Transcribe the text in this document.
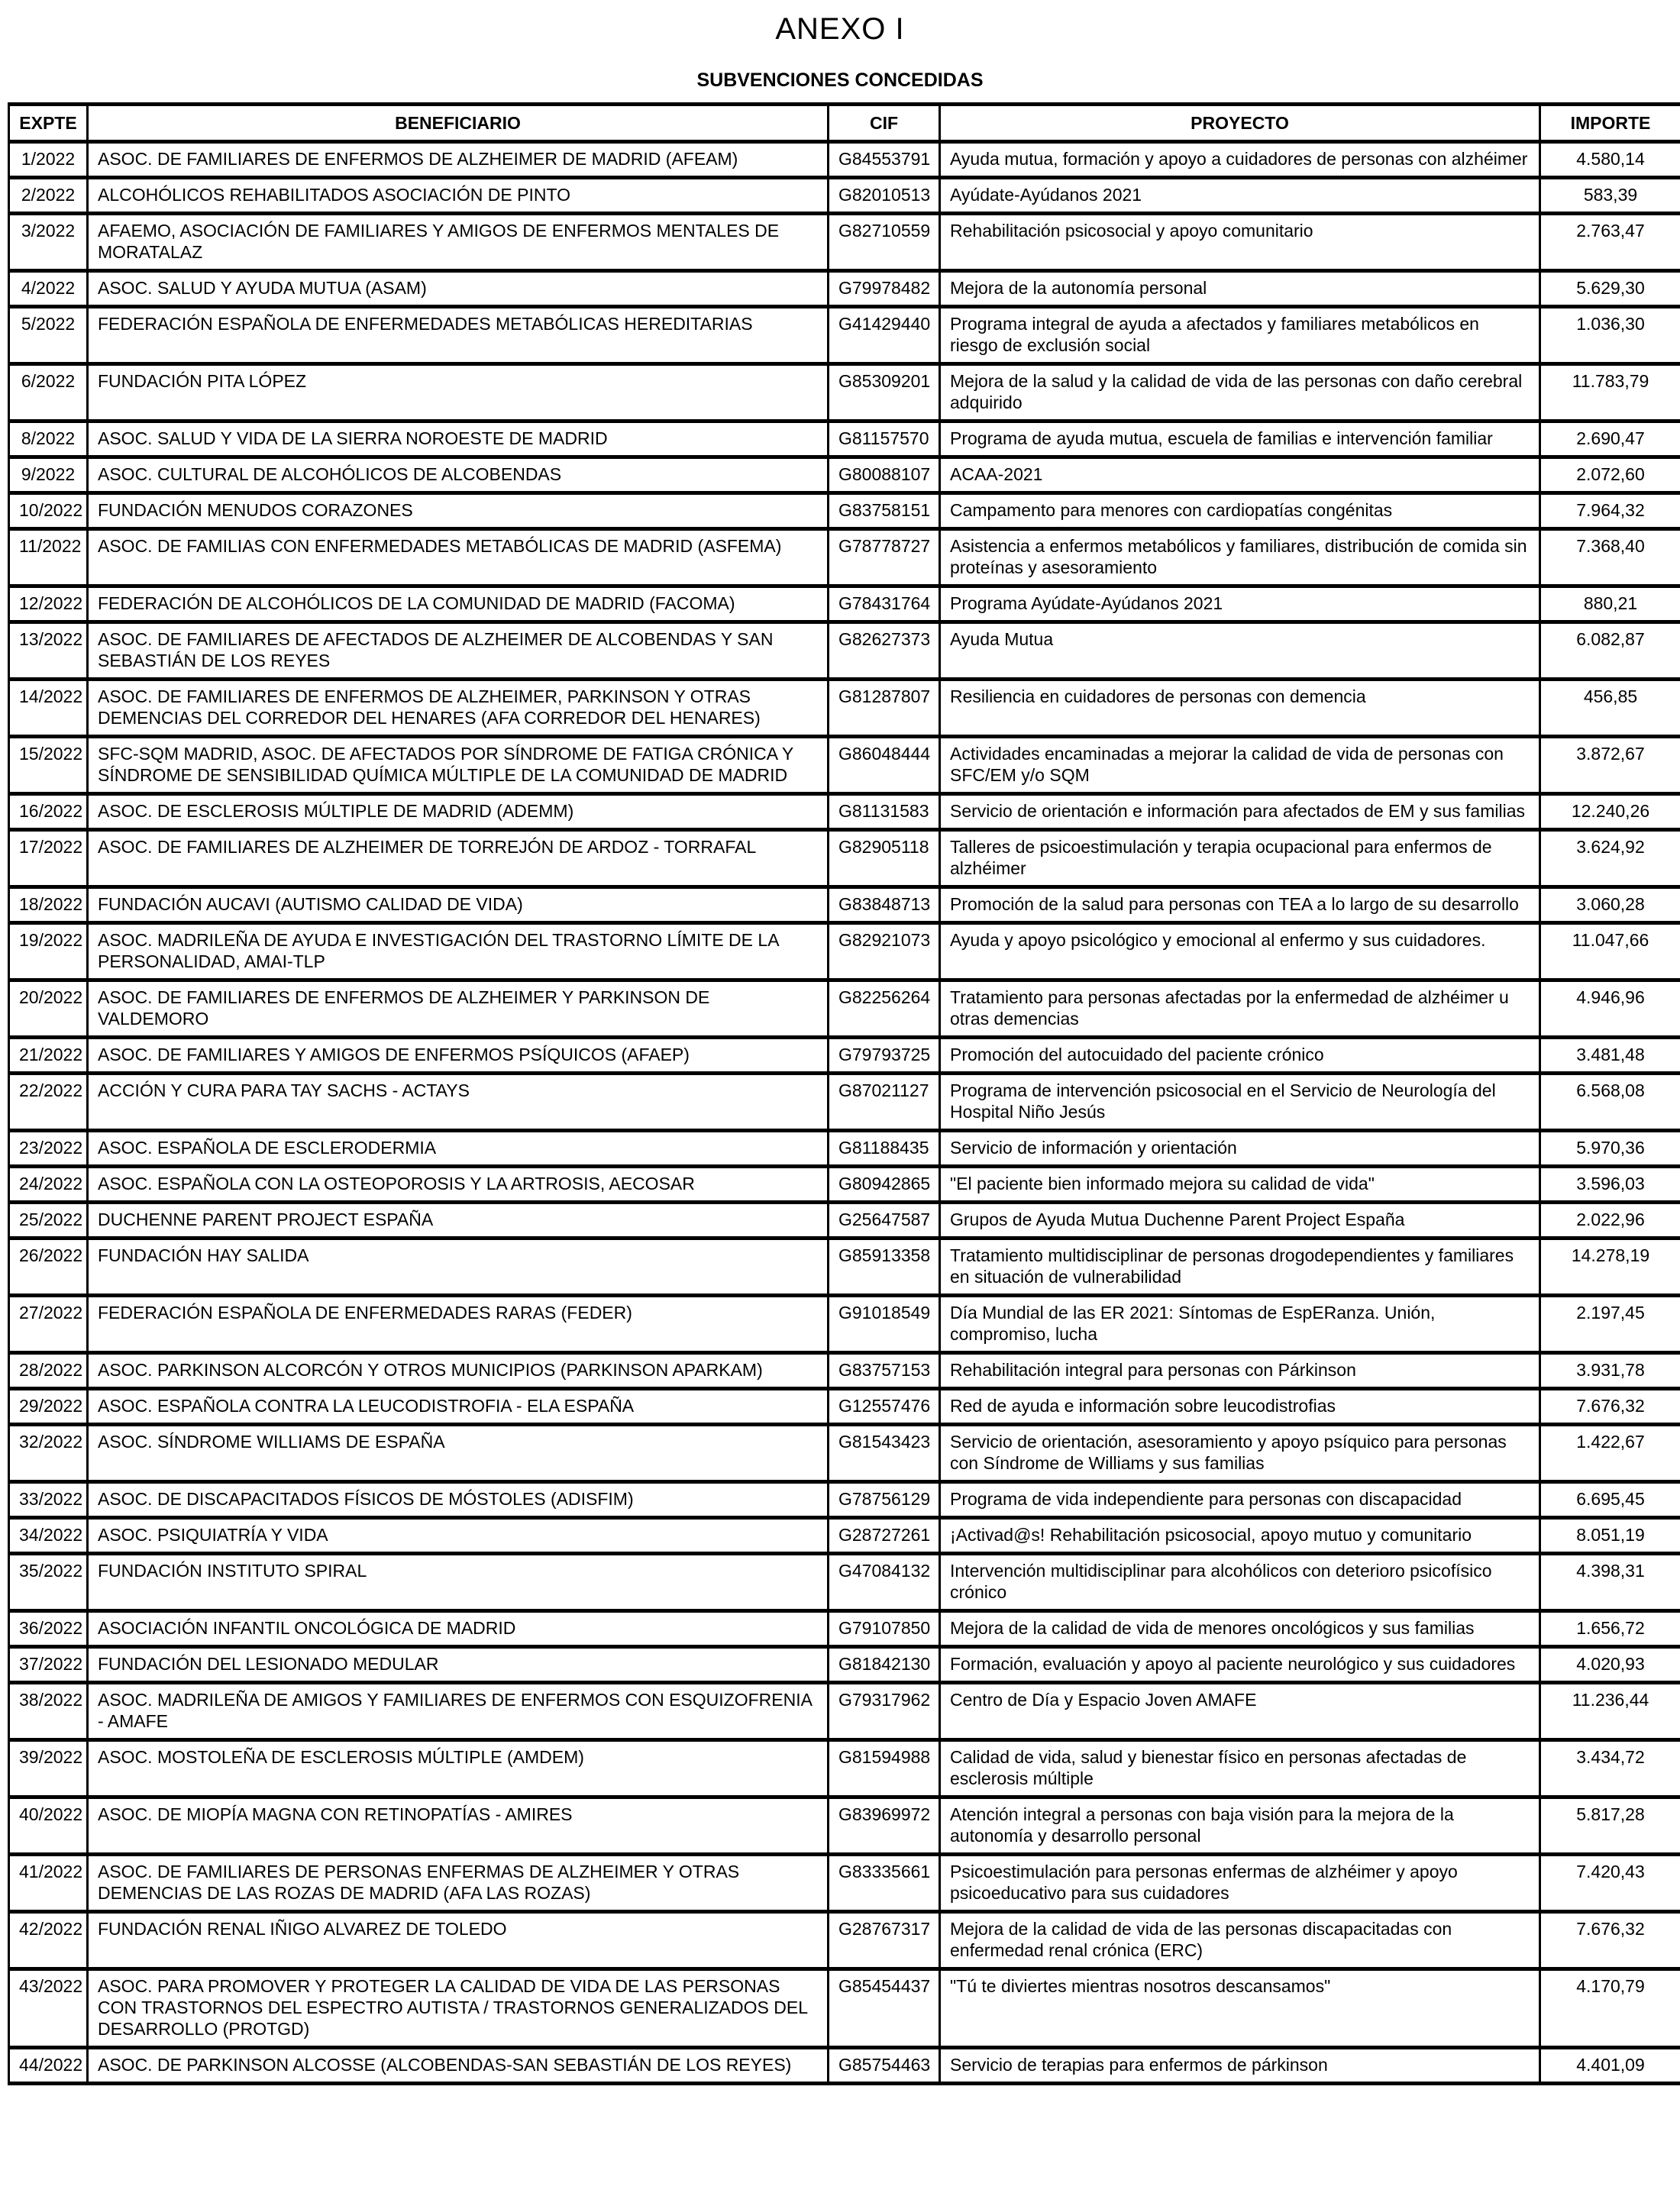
ANEXO I
SUBVENCIONES CONCEDIDAS
EXPTE	BENEFICIARIO	CIF	PROYECTO	IMPORTE
1/2022	ASOC. DE FAMILIARES DE ENFERMOS DE ALZHEIMER DE MADRID (AFEAM)	G84553791	Ayuda mutua, formación y apoyo a cuidadores de personas con alzhéimer	4.580,14
2/2022	ALCOHÓLICOS REHABILITADOS ASOCIACIÓN DE PINTO	G82010513	Ayúdate-Ayúdanos 2021	583,39
3/2022	AFAEMO, ASOCIACIÓN DE FAMILIARES Y AMIGOS DE ENFERMOS MENTALES DE MORATALAZ	G82710559	Rehabilitación psicosocial y apoyo comunitario	2.763,47
4/2022	ASOC. SALUD Y AYUDA MUTUA (ASAM)	G79978482	Mejora de la autonomía personal	5.629,30
5/2022	FEDERACIÓN ESPAÑOLA DE ENFERMEDADES METABÓLICAS HEREDITARIAS	G41429440	Programa integral de ayuda a afectados y familiares metabólicos en riesgo de exclusión social	1.036,30
6/2022	FUNDACIÓN PITA LÓPEZ	G85309201	Mejora de la salud y la calidad de vida de las personas con daño cerebral adquirido	11.783,79
8/2022	ASOC. SALUD Y VIDA DE LA SIERRA NOROESTE DE MADRID	G81157570	Programa de ayuda mutua, escuela de familias e intervención familiar	2.690,47
9/2022	ASOC. CULTURAL DE ALCOHÓLICOS DE ALCOBENDAS	G80088107	ACAA-2021	2.072,60
10/2022	FUNDACIÓN MENUDOS CORAZONES	G83758151	Campamento para menores con cardiopatías congénitas	7.964,32
11/2022	ASOC. DE FAMILIAS CON ENFERMEDADES METABÓLICAS DE MADRID (ASFEMA)	G78778727	Asistencia a enfermos metabólicos y familiares, distribución de comida sin proteínas y asesoramiento	7.368,40
12/2022	FEDERACIÓN DE ALCOHÓLICOS DE LA COMUNIDAD DE MADRID (FACOMA)	G78431764	Programa Ayúdate-Ayúdanos 2021	880,21
13/2022	ASOC. DE FAMILIARES DE AFECTADOS DE ALZHEIMER DE ALCOBENDAS Y SAN SEBASTIÁN DE LOS REYES	G82627373	Ayuda Mutua	6.082,87
14/2022	ASOC. DE FAMILIARES DE ENFERMOS DE ALZHEIMER, PARKINSON Y OTRAS DEMENCIAS DEL CORREDOR DEL HENARES (AFA CORREDOR DEL HENARES)	G81287807	Resiliencia en cuidadores de personas con demencia	456,85
15/2022	SFC-SQM MADRID, ASOC. DE AFECTADOS POR SÍNDROME DE FATIGA CRÓNICA Y SÍNDROME DE SENSIBILIDAD QUÍMICA MÚLTIPLE DE LA COMUNIDAD DE MADRID	G86048444	Actividades encaminadas a mejorar la calidad de vida de personas con SFC/EM y/o SQM	3.872,67
16/2022	ASOC. DE ESCLEROSIS MÚLTIPLE DE MADRID (ADEMM)	G81131583	Servicio de orientación e información para afectados de EM y sus familias	12.240,26
17/2022	ASOC. DE FAMILIARES DE ALZHEIMER DE TORREJÓN DE ARDOZ - TORRAFAL	G82905118	Talleres de psicoestimulación y terapia ocupacional para enfermos de alzhéimer	3.624,92
18/2022	FUNDACIÓN AUCAVI (AUTISMO CALIDAD DE VIDA)	G83848713	Promoción de la salud para personas con TEA a lo largo de su desarrollo	3.060,28
19/2022	ASOC. MADRILEÑA DE AYUDA E INVESTIGACIÓN DEL TRASTORNO LÍMITE DE LA PERSONALIDAD, AMAI-TLP	G82921073	Ayuda y apoyo psicológico y emocional al enfermo y sus cuidadores.	11.047,66
20/2022	ASOC. DE FAMILIARES DE ENFERMOS DE ALZHEIMER Y PARKINSON DE VALDEMORO	G82256264	Tratamiento para personas afectadas por la enfermedad de alzhéimer u otras demencias	4.946,96
21/2022	ASOC. DE FAMILIARES Y AMIGOS DE ENFERMOS PSÍQUICOS (AFAEP)	G79793725	Promoción del autocuidado del paciente crónico	3.481,48
22/2022	ACCIÓN Y CURA PARA TAY SACHS - ACTAYS	G87021127	Programa de intervención psicosocial en el Servicio de Neurología del Hospital Niño Jesús	6.568,08
23/2022	ASOC. ESPAÑOLA DE ESCLERODERMIA	G81188435	Servicio de información y orientación	5.970,36
24/2022	ASOC. ESPAÑOLA CON LA OSTEOPOROSIS Y LA ARTROSIS, AECOSAR	G80942865	"El paciente bien informado mejora su calidad de vida"	3.596,03
25/2022	DUCHENNE PARENT PROJECT ESPAÑA	G25647587	Grupos de Ayuda Mutua Duchenne Parent Project España	2.022,96
26/2022	FUNDACIÓN HAY SALIDA	G85913358	Tratamiento multidisciplinar de personas drogodependientes y familiares en situación de vulnerabilidad	14.278,19
27/2022	FEDERACIÓN ESPAÑOLA DE ENFERMEDADES RARAS (FEDER)	G91018549	Día Mundial de las ER 2021: Síntomas de EspERanza. Unión, compromiso, lucha	2.197,45
28/2022	ASOC. PARKINSON ALCORCÓN Y OTROS MUNICIPIOS (PARKINSON APARKAM)	G83757153	Rehabilitación integral para personas con Párkinson	3.931,78
29/2022	ASOC. ESPAÑOLA CONTRA LA LEUCODISTROFIA - ELA ESPAÑA	G12557476	Red de ayuda e información sobre leucodistrofias	7.676,32
32/2022	ASOC. SÍNDROME WILLIAMS DE ESPAÑA	G81543423	Servicio de orientación, asesoramiento y apoyo psíquico para personas con Síndrome de Williams y sus familias	1.422,67
33/2022	ASOC. DE DISCAPACITADOS FÍSICOS DE MÓSTOLES (ADISFIM)	G78756129	Programa de vida independiente para personas con discapacidad	6.695,45
34/2022	ASOC. PSIQUIATRÍA Y VIDA	G28727261	¡Activad@s! Rehabilitación psicosocial, apoyo mutuo y comunitario	8.051,19
35/2022	FUNDACIÓN INSTITUTO SPIRAL	G47084132	Intervención multidisciplinar para alcohólicos con deterioro psicofísico crónico	4.398,31
36/2022	ASOCIACIÓN INFANTIL ONCOLÓGICA DE MADRID	G79107850	Mejora de la calidad de vida de menores oncológicos y sus familias	1.656,72
37/2022	FUNDACIÓN DEL LESIONADO MEDULAR	G81842130	Formación, evaluación y apoyo al paciente neurológico y sus cuidadores	4.020,93
38/2022	ASOC. MADRILEÑA DE AMIGOS Y FAMILIARES DE ENFERMOS CON ESQUIZOFRENIA - AMAFE	G79317962	Centro de Día y Espacio Joven AMAFE	11.236,44
39/2022	ASOC. MOSTOLEÑA DE ESCLEROSIS MÚLTIPLE (AMDEM)	G81594988	Calidad de vida, salud y bienestar físico en personas afectadas de esclerosis múltiple	3.434,72
40/2022	ASOC. DE MIOPÍA MAGNA CON RETINOPATÍAS - AMIRES	G83969972	Atención integral a personas con baja visión para la mejora de la autonomía y desarrollo personal	5.817,28
41/2022	ASOC. DE FAMILIARES DE PERSONAS ENFERMAS DE ALZHEIMER Y OTRAS DEMENCIAS DE LAS ROZAS DE MADRID (AFA LAS ROZAS)	G83335661	Psicoestimulación para personas enfermas de alzhéimer y apoyo psicoeducativo para sus cuidadores	7.420,43
42/2022	FUNDACIÓN RENAL IÑIGO ALVAREZ DE TOLEDO	G28767317	Mejora de la calidad de vida de las personas discapacitadas con enfermedad renal crónica (ERC)	7.676,32
43/2022	ASOC. PARA PROMOVER Y PROTEGER LA CALIDAD DE VIDA DE LAS PERSONAS CON TRASTORNOS DEL ESPECTRO AUTISTA / TRASTORNOS GENERALIZADOS DEL DESARROLLO (PROTGD)	G85454437	"Tú te diviertes mientras nosotros descansamos"	4.170,79
44/2022	ASOC. DE PARKINSON ALCOSSE (ALCOBENDAS-SAN SEBASTIÁN DE LOS REYES)	G85754463	Servicio de terapias para enfermos de párkinson	4.401,09
